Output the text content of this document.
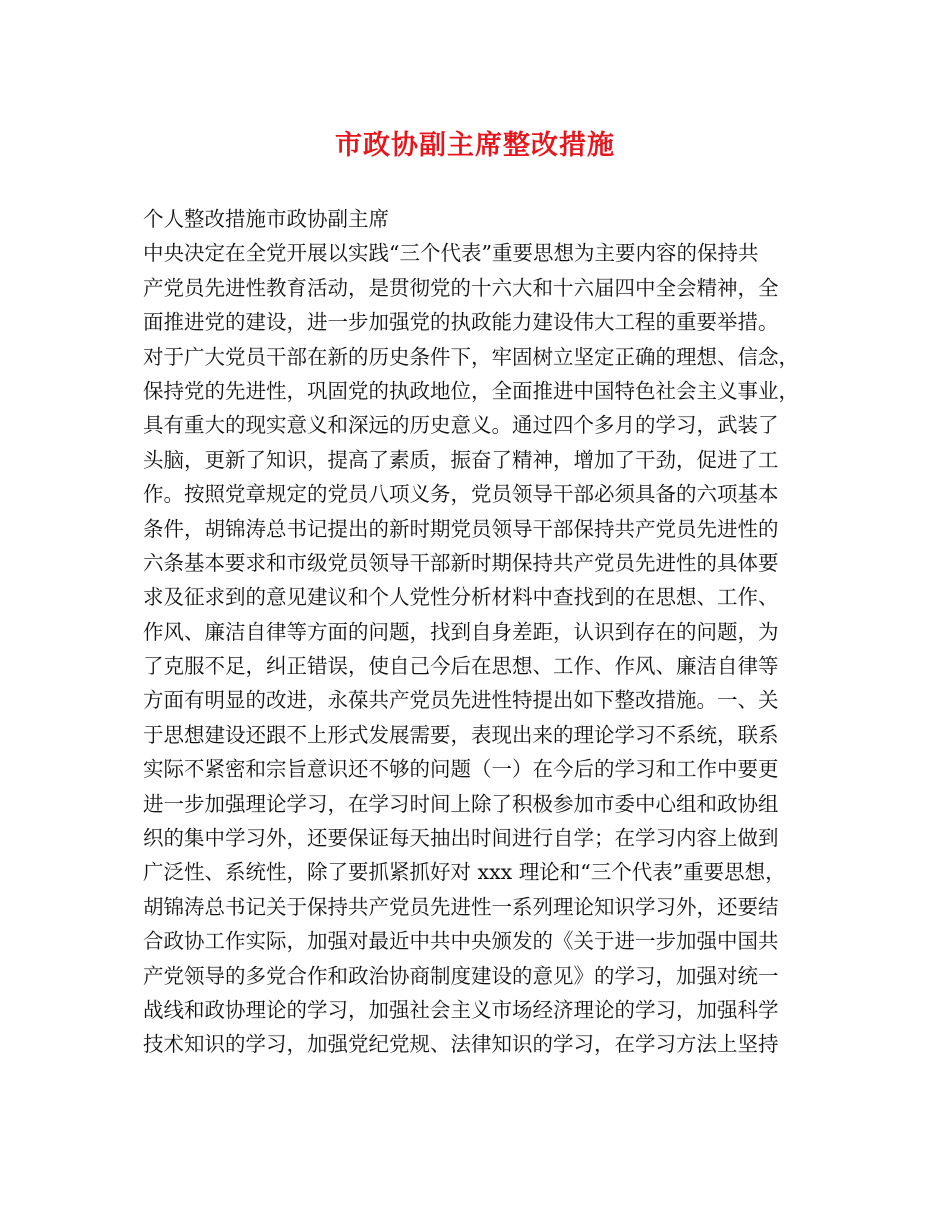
市政协副主席整改措施
个人整改措施市政协副主席
中央决定在全党开展以实践“三个代表”重要思想为主要内容的保持共
产党员先进性教育活动，是贯彻党的十六大和十六届四中全会精神，全
面推进党的建设，进一步加强党的执政能力建设伟大工程的重要举措。
对于广大党员干部在新的历史条件下，牢固树立坚定正确的理想、信念，
保持党的先进性，巩固党的执政地位，全面推进中国特色社会主义事业，
具有重大的现实意义和深远的历史意义。通过四个多月的学习，武装了
头脑，更新了知识，提高了素质，振奋了精神，增加了干劲，促进了工
作。按照党章规定的党员八项义务，党员领导干部必须具备的六项基本
条件，胡锦涛总书记提出的新时期党员领导干部保持共产党员先进性的
六条基本要求和市级党员领导干部新时期保持共产党员先进性的具体要
求及征求到的意见建议和个人党性分析材料中查找到的在思想、工作、
作风、廉洁自律等方面的问题，找到自身差距，认识到存在的问题，为
了克服不足，纠正错误，使自己今后在思想、工作、作风、廉洁自律等
方面有明显的改进，永葆共产党员先进性特提出如下整改措施。一、关
于思想建设还跟不上形式发展需要，表现出来的理论学习不系统，联系
实际不紧密和宗旨意识还不够的问题（一）在今后的学习和工作中要更
进一步加强理论学习，在学习时间上除了积极参加市委中心组和政协组
织的集中学习外，还要保证每天抽出时间进行自学；在学习内容上做到
广泛性、系统性，除了要抓紧抓好对 xxx 理论和“三个代表”重要思想，
胡锦涛总书记关于保持共产党员先进性一系列理论知识学习外，还要结
合政协工作实际，加强对最近中共中央颁发的《关于进一步加强中国共
产党领导的多党合作和政治协商制度建设的意见》的学习，加强对统一
战线和政协理论的学习，加强社会主义市场经济理论的学习，加强科学
技术知识的学习，加强党纪党规、法律知识的学习，在学习方法上坚持
